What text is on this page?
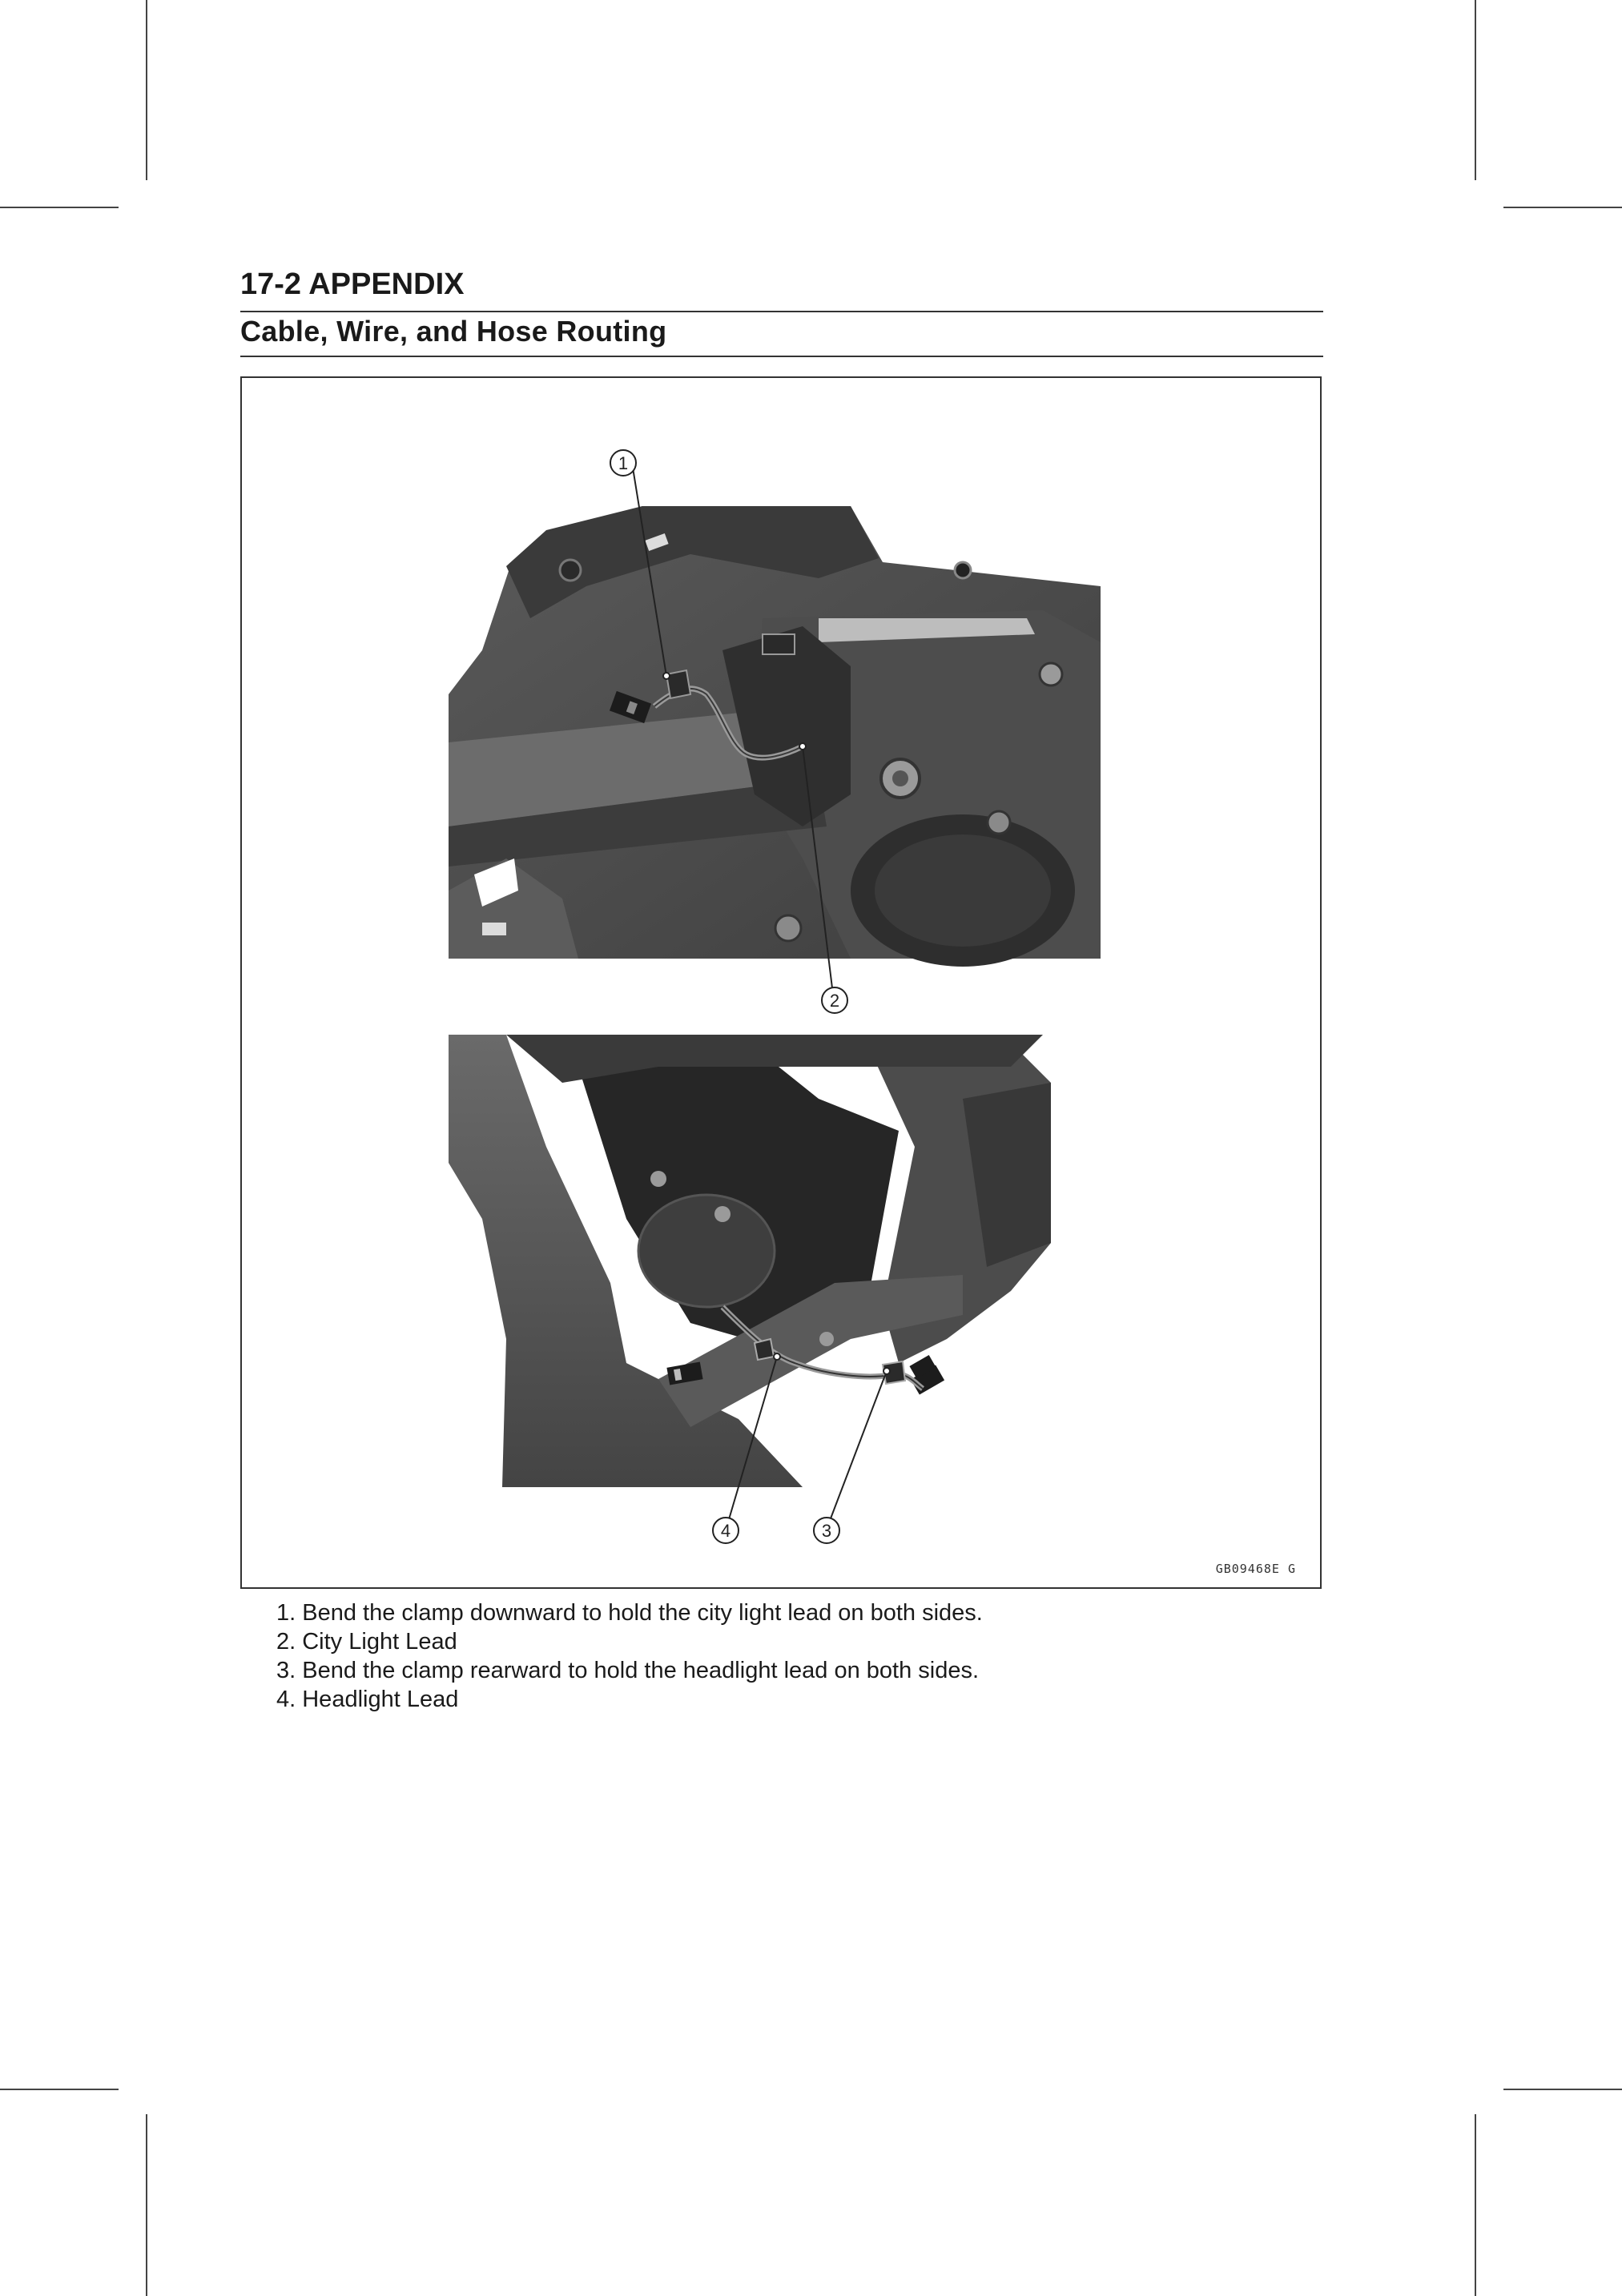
17-2 APPENDIX
Cable, Wire, and Hose Routing
1
2
4	3
GB09468E G
1. Bend the clamp downward to hold the city light lead on both sides.
2. City Light Lead
3. Bend the clamp rearward to hold the headlight lead on both sides.
4. Headlight Lead
